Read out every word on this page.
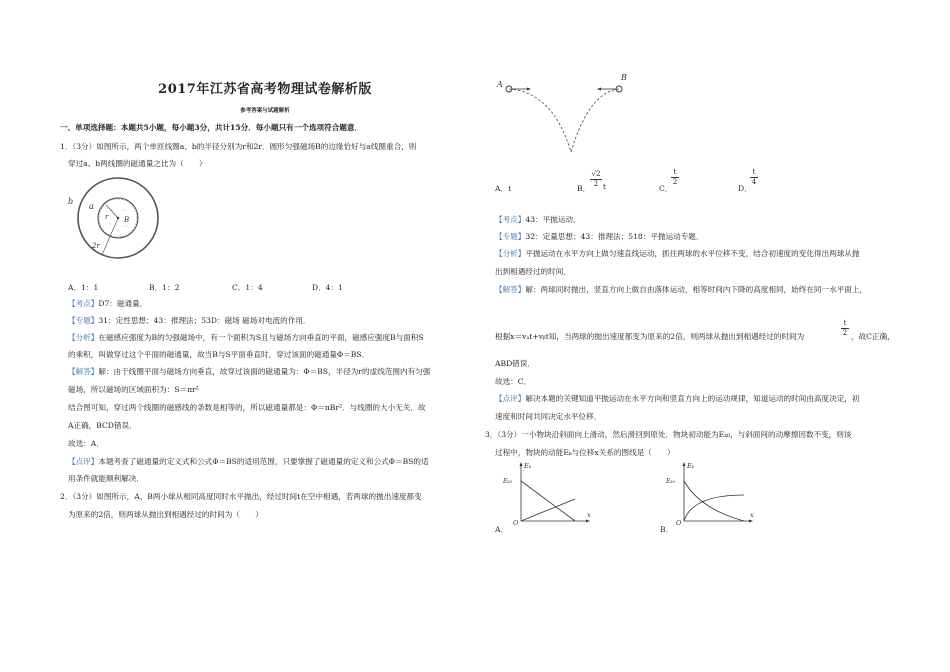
2017年江苏省高考物理试卷解析版
参考答案与试题解析
一、单项选择题：本题共5小题，每小题3分，共计15分．每小题只有一个选项符合题意．
1．（3分）如图所示，两个单匝线圈a、b的半径分别为r和2r．圆形匀强磁场B的边缘恰好与a线圈重合，则
穿过a、b两线圈的磁通量之比为（　　）
b
a
r B
2r
A．1：1	B．1：2	C．1：4	D．4：1
【考点】D7：磁通量．
【专题】31：定性思想；43：推理法；53D：磁场 磁场对电流的作用．
【分析】在磁感应强度为B的匀强磁场中，有一个面积为S且与磁场方向垂直的平面，磁感应强度B与面积S
的乘积，叫做穿过这个平面的磁通量，故当B与S平面垂直时，穿过该面的磁通量Φ＝BS．
【解答】解：由于线圈平面与磁场方向垂直，故穿过该面的磁通量为：Φ＝BS，半径为r的虚线范围内有匀强
磁场，所以磁场的区域面积为：S＝πr²
结合图可知，穿过两个线圈的磁感线的条数是相等的，所以磁通量都是：Φ＝πBr²．与线圈的大小无关．故
A正确，BCD错误．
故选：A．
【点评】本题考查了磁通量的定义式和公式Φ＝BS的适用范围，只要掌握了磁通量的定义和公式Φ＝BS的适
用条件就能顺利解决．
2．（3分）如图所示，A、B两小球从相同高度同时水平抛出，经过时间t在空中相遇，若两球的抛出速度都变
为原来的2倍，则两球从抛出到相遇经过的时间为（　　）
A
B
A．t	B．
√2
2 t	C．
t
2
D．
t
4
【考点】43：平抛运动．
【专题】32：定量思想；43：推理法；518：平抛运动专题．
【分析】平抛运动在水平方向上做匀速直线运动，抓住两球的水平位移不变，结合初速度的变化得出两球从抛
出到相遇经过的时间．
【解答】解：两球同时抛出，竖直方向上做自由落体运动，相等时间内下降的高度相同，始终在同一水平面上，
根据x＝vₐt+vᵦt知，当两球的抛出速度都变为原来的2倍，则两球从抛出到相遇经过的时间为
t
2 ，故C正确，
ABD错误．
故选：C．
【点评】解决本题的关键知道平抛运动在水平方向和竖直方向上的运动规律，知道运动的时间由高度决定，初
速度和时间共同决定水平位移．
3．（3分）一小物块沿斜面向上滑动，然后滑回到原处．物块初动能为Eₖ₀，与斜面间的动摩擦因数不变，则该
过程中，物块的动能Eₖ与位移x关系的图线是（　　）
Eₖ
Eₖ₀
O
x
A．
Eₖ
Eₖ₀
O
x
B．
